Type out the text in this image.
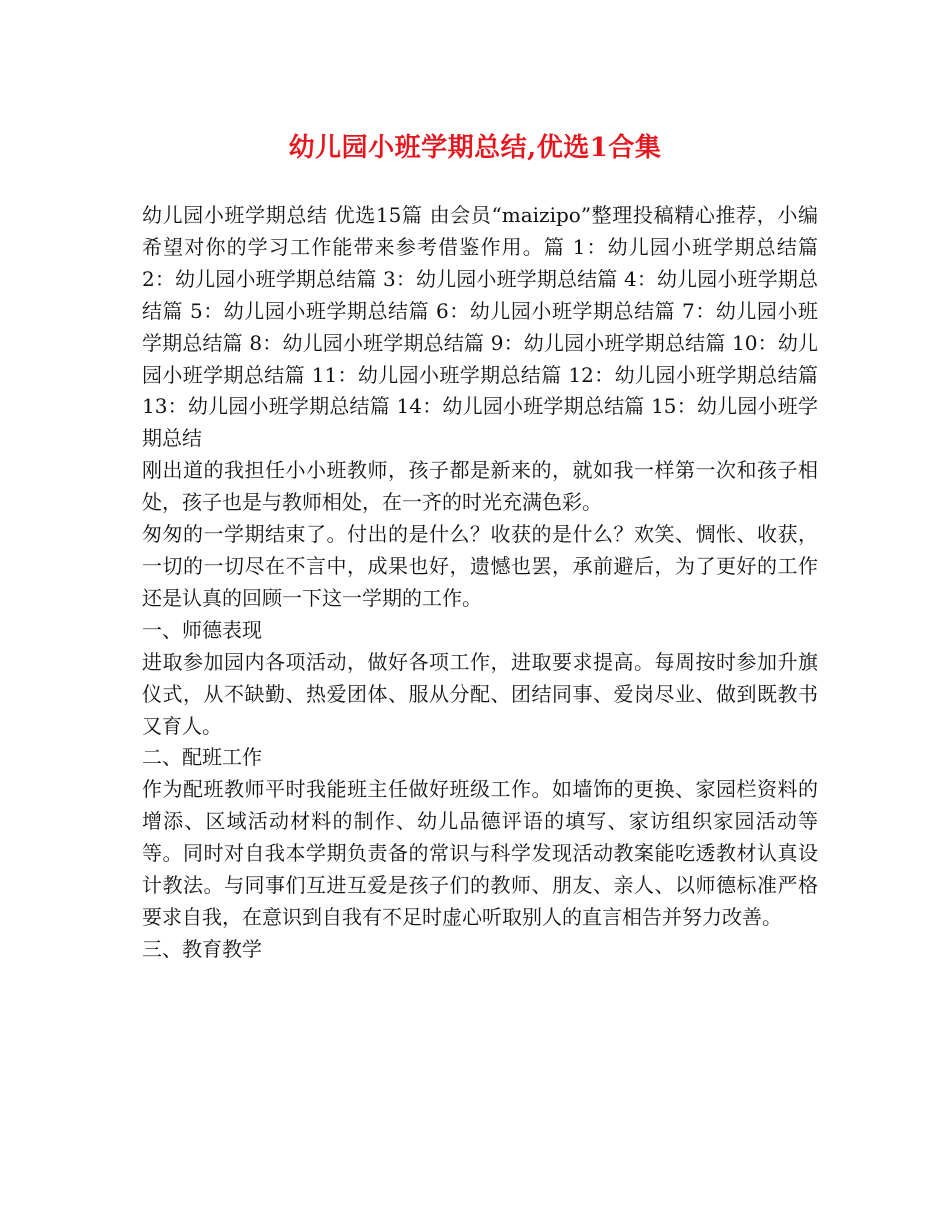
幼儿园小班学期总结,优选1合集

幼儿园小班学期总结 优选15篇 由会员“maizipo”整理投稿精心推荐，小编希望对你的学习工作能带来参考借鉴作用。篇 1：幼儿园小班学期总结篇 2：幼儿园小班学期总结篇 3：幼儿园小班学期总结篇 4：幼儿园小班学期总结篇 5：幼儿园小班学期总结篇 6：幼儿园小班学期总结篇 7：幼儿园小班学期总结篇 8：幼儿园小班学期总结篇 9：幼儿园小班学期总结篇 10：幼儿园小班学期总结篇 11：幼儿园小班学期总结篇 12：幼儿园小班学期总结篇 13：幼儿园小班学期总结篇 14：幼儿园小班学期总结篇 15：幼儿园小班学期总结

刚出道的我担任小小班教师，孩子都是新来的，就如我一样第一次和孩子相处，孩子也是与教师相处，在一齐的时光充满色彩。

匆匆的一学期结束了。付出的是什么？收获的是什么？欢笑、惆怅、收获，一切的一切尽在不言中，成果也好，遗憾也罢，承前避后，为了更好的工作还是认真的回顾一下这一学期的工作。

一、师德表现

进取参加园内各项活动，做好各项工作，进取要求提高。每周按时参加升旗仪式，从不缺勤、热爱团体、服从分配、团结同事、爱岗尽业、做到既教书又育人。

二、配班工作

作为配班教师平时我能班主任做好班级工作。如墙饰的更换、家园栏资料的增添、区域活动材料的制作、幼儿品德评语的填写、家访组织家园活动等等。同时对自我本学期负责备的常识与科学发现活动教案能吃透教材认真设计教法。与同事们互进互爱是孩子们的教师、朋友、亲人、以师德标准严格要求自我，在意识到自我有不足时虚心听取别人的直言相告并努力改善。

三、教育教学
